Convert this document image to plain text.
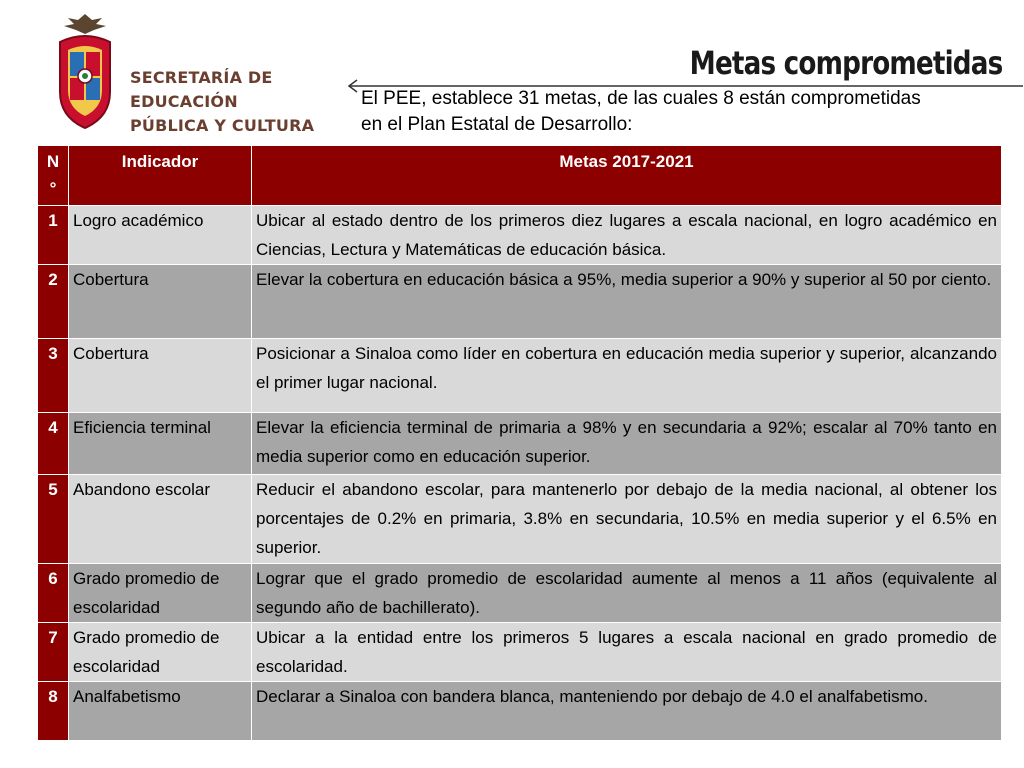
SECRETARÍA DE
EDUCACIÓN
PÚBLICA Y CULTURA
Metas comprometidas
El PEE, establece 31 metas, de las cuales 8 están comprometidas en el Plan Estatal de Desarrollo:
N °	Indicador	Metas 2017-2021
1	Logro académico	Ubicar al estado dentro de los primeros diez lugares a escala nacional, en logro académico en Ciencias, Lectura y Matemáticas de educación básica.
2	Cobertura	Elevar la cobertura en educación básica a 95%, media superior a 90% y superior al 50 por ciento.
3	Cobertura	Posicionar a Sinaloa como líder en cobertura en educación media superior y superior, alcanzando el primer lugar nacional.
4	Eficiencia terminal	Elevar la eficiencia terminal de primaria a 98% y en secundaria a 92%; escalar al 70% tanto en media superior como en educación superior.
5	Abandono escolar	Reducir el abandono escolar, para mantenerlo por debajo de la media nacional, al obtener los porcentajes de 0.2% en primaria, 3.8% en secundaria, 10.5% en media superior y el 6.5% en superior.
6	Grado promedio de escolaridad	Lograr que el grado promedio de escolaridad aumente al menos a 11 años (equivalente al segundo año de bachillerato).
7	Grado promedio de escolaridad	Ubicar a la entidad entre los primeros 5 lugares a escala nacional en grado promedio de escolaridad.
8	Analfabetismo	Declarar a Sinaloa con bandera blanca, manteniendo por debajo de 4.0 el analfabetismo.
